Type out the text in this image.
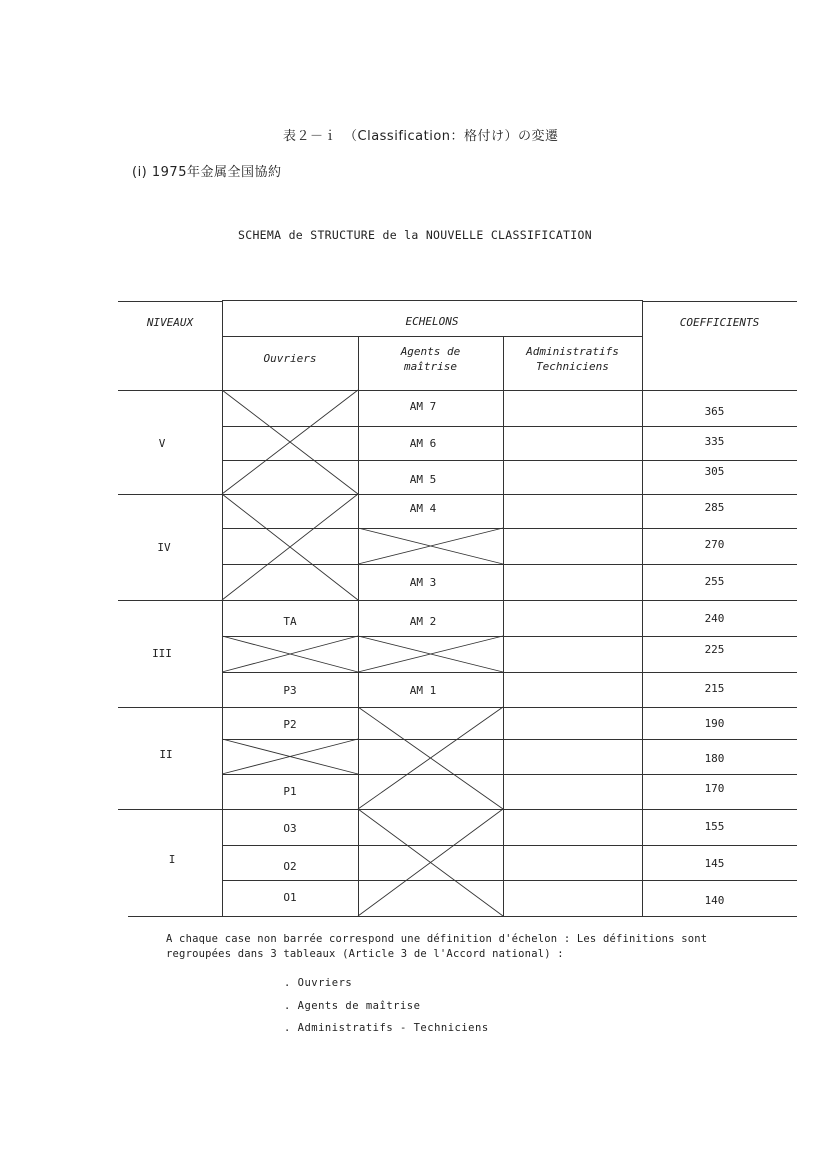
表２－ｉ　（Classification：格付け）の変遷
(i) 1975年金属全国協約
SCHEMA de STRUCTURE de la NOUVELLE CLASSIFICATION
NIVEAUX	ECHELONS	COEFFICIENTS
Ouvriers
Agents de
maîtrise
Administratifs
Techniciens
V
IV
III
II
I
TA
P3
P2
P1
O3
O2
O1
AM 7
AM 6
AM 5
AM 4
AM 3
AM 2
AM 1
365
335
305
285
270
255
240
225
215
190
180
170
155
145
140
A chaque case non barrée correspond une définition d'échelon : Les définitions sont
regroupées dans 3 tableaux (Article 3 de l'Accord national) :
. Ouvriers
. Agents de maîtrise
. Administratifs - Techniciens
